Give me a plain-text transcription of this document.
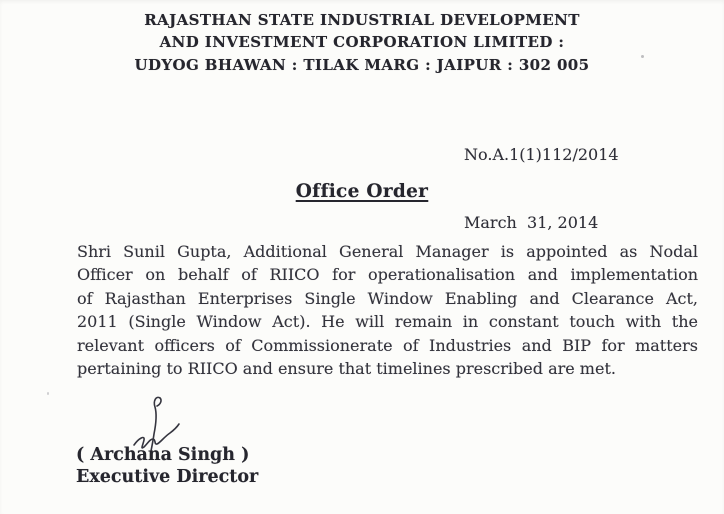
RAJASTHAN STATE INDUSTRIAL DEVELOPMENT
AND INVESTMENT CORPORATION LIMITED :
UDYOG BHAWAN : TILAK MARG : JAIPUR : 302 005

No.A.1(1)112/2014

March  31, 2014

Office Order
Shri Sunil Gupta, Additional General Manager is appointed as Nodal
Officer on behalf of RIICO for operationalisation and implementation
of Rajasthan Enterprises Single Window Enabling and Clearance Act,
2011 (Single Window Act). He will remain in constant touch with the
relevant officers of Commissionerate of Industries and BIP for matters
pertaining to RIICO and ensure that timelines prescribed are met.
( Archana Singh )
Executive Director
